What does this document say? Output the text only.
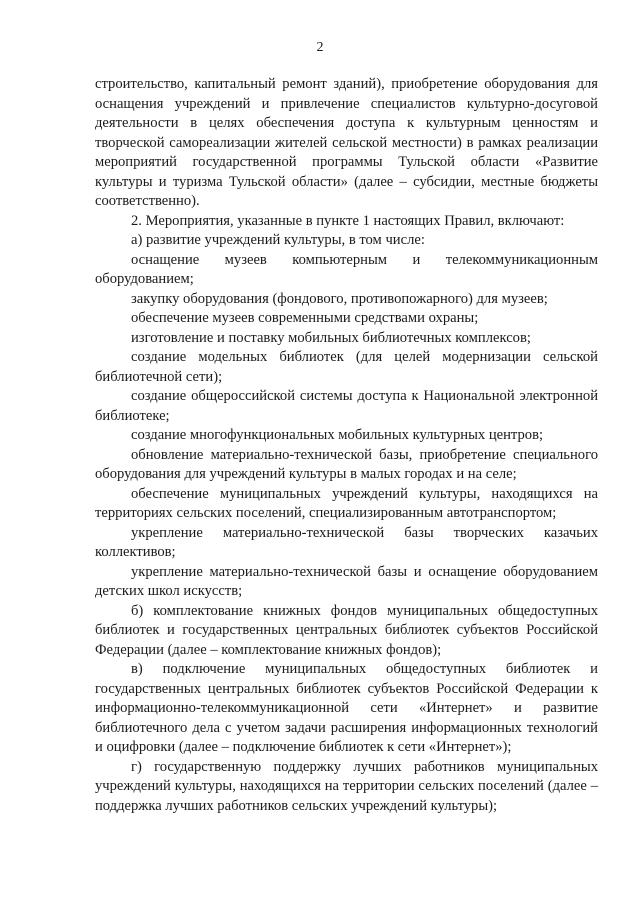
2

строительство, капитальный ремонт зданий), приобретение оборудования для оснащения учреждений и привлечение специалистов культурно-досуговой деятельности в целях обеспечения доступа к культурным ценностям и творческой самореализации жителей сельской местности) в рамках реализации мероприятий государственной программы Тульской области «Развитие культуры и туризма Тульской области» (далее – субсидии, местные бюджеты соответственно).

2. Мероприятия, указанные в пункте 1 настоящих Правил, включают:

а) развитие учреждений культуры, в том числе:

оснащение музеев компьютерным и телекоммуникационным оборудованием;

закупку оборудования (фондового, противопожарного) для музеев;

обеспечение музеев современными средствами охраны;

изготовление и поставку мобильных библиотечных комплексов;

создание модельных библиотек (для целей модернизации сельской библиотечной сети);

создание общероссийской системы доступа к Национальной электронной библиотеке;

создание многофункциональных мобильных культурных центров;

обновление материально-технической базы, приобретение специального оборудования для учреждений культуры в малых городах и на селе;

обеспечение муниципальных учреждений культуры, находящихся на территориях сельских поселений, специализированным автотранспортом;

укрепление материально-технической базы творческих казачьих коллективов;

укрепление материально-технической базы и оснащение оборудованием детских школ искусств;

б) комплектование книжных фондов муниципальных общедоступных библиотек и государственных центральных библиотек субъектов Российской Федерации (далее – комплектование книжных фондов);

в) подключение муниципальных общедоступных библиотек и государственных центральных библиотек субъектов Российской Федерации к информационно-телекоммуникационной сети «Интернет» и развитие библиотечного дела с учетом задачи расширения информационных технологий и оцифровки (далее – подключение библиотек к сети «Интернет»);

г) государственную поддержку лучших работников муниципальных учреждений культуры, находящихся на территории сельских поселений (далее – поддержка лучших работников сельских учреждений культуры);
